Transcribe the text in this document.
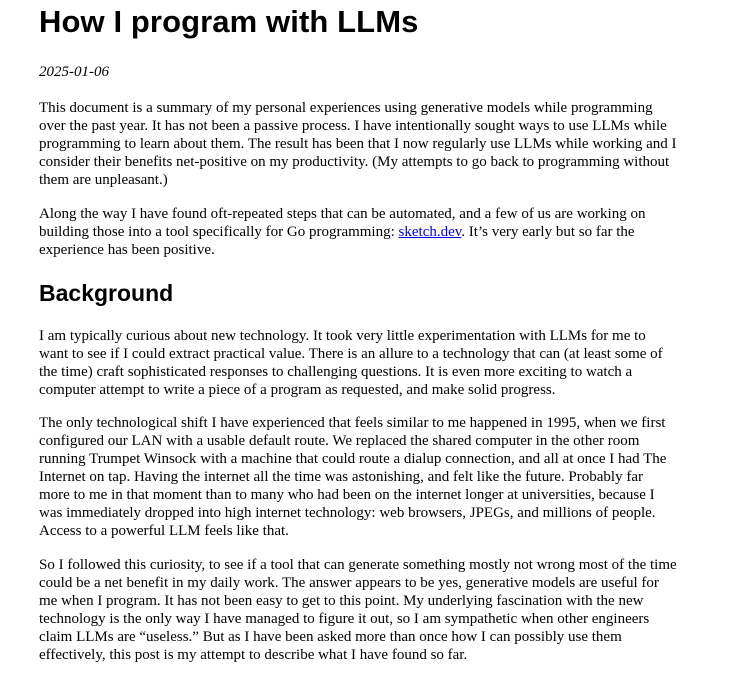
How I program with LLMs

2025-01-06

This document is a summary of my personal experiences using generative models while programming
over the past year. It has not been a passive process. I have intentionally sought ways to use LLMs while
programming to learn about them. The result has been that I now regularly use LLMs while working and I
consider their benefits net-positive on my productivity. (My attempts to go back to programming without
them are unpleasant.)

Along the way I have found oft-repeated steps that can be automated, and a few of us are working on
building those into a tool specifically for Go programming: sketch.dev. It’s very early but so far the
experience has been positive.

Background

I am typically curious about new technology. It took very little experimentation with LLMs for me to
want to see if I could extract practical value. There is an allure to a technology that can (at least some of
the time) craft sophisticated responses to challenging questions. It is even more exciting to watch a
computer attempt to write a piece of a program as requested, and make solid progress.

The only technological shift I have experienced that feels similar to me happened in 1995, when we first
configured our LAN with a usable default route. We replaced the shared computer in the other room
running Trumpet Winsock with a machine that could route a dialup connection, and all at once I had The
Internet on tap. Having the internet all the time was astonishing, and felt like the future. Probably far
more to me in that moment than to many who had been on the internet longer at universities, because I
was immediately dropped into high internet technology: web browsers, JPEGs, and millions of people.
Access to a powerful LLM feels like that.

So I followed this curiosity, to see if a tool that can generate something mostly not wrong most of the time
could be a net benefit in my daily work. The answer appears to be yes, generative models are useful for
me when I program. It has not been easy to get to this point. My underlying fascination with the new
technology is the only way I have managed to figure it out, so I am sympathetic when other engineers
claim LLMs are “useless.” But as I have been asked more than once how I can possibly use them
effectively, this post is my attempt to describe what I have found so far.
